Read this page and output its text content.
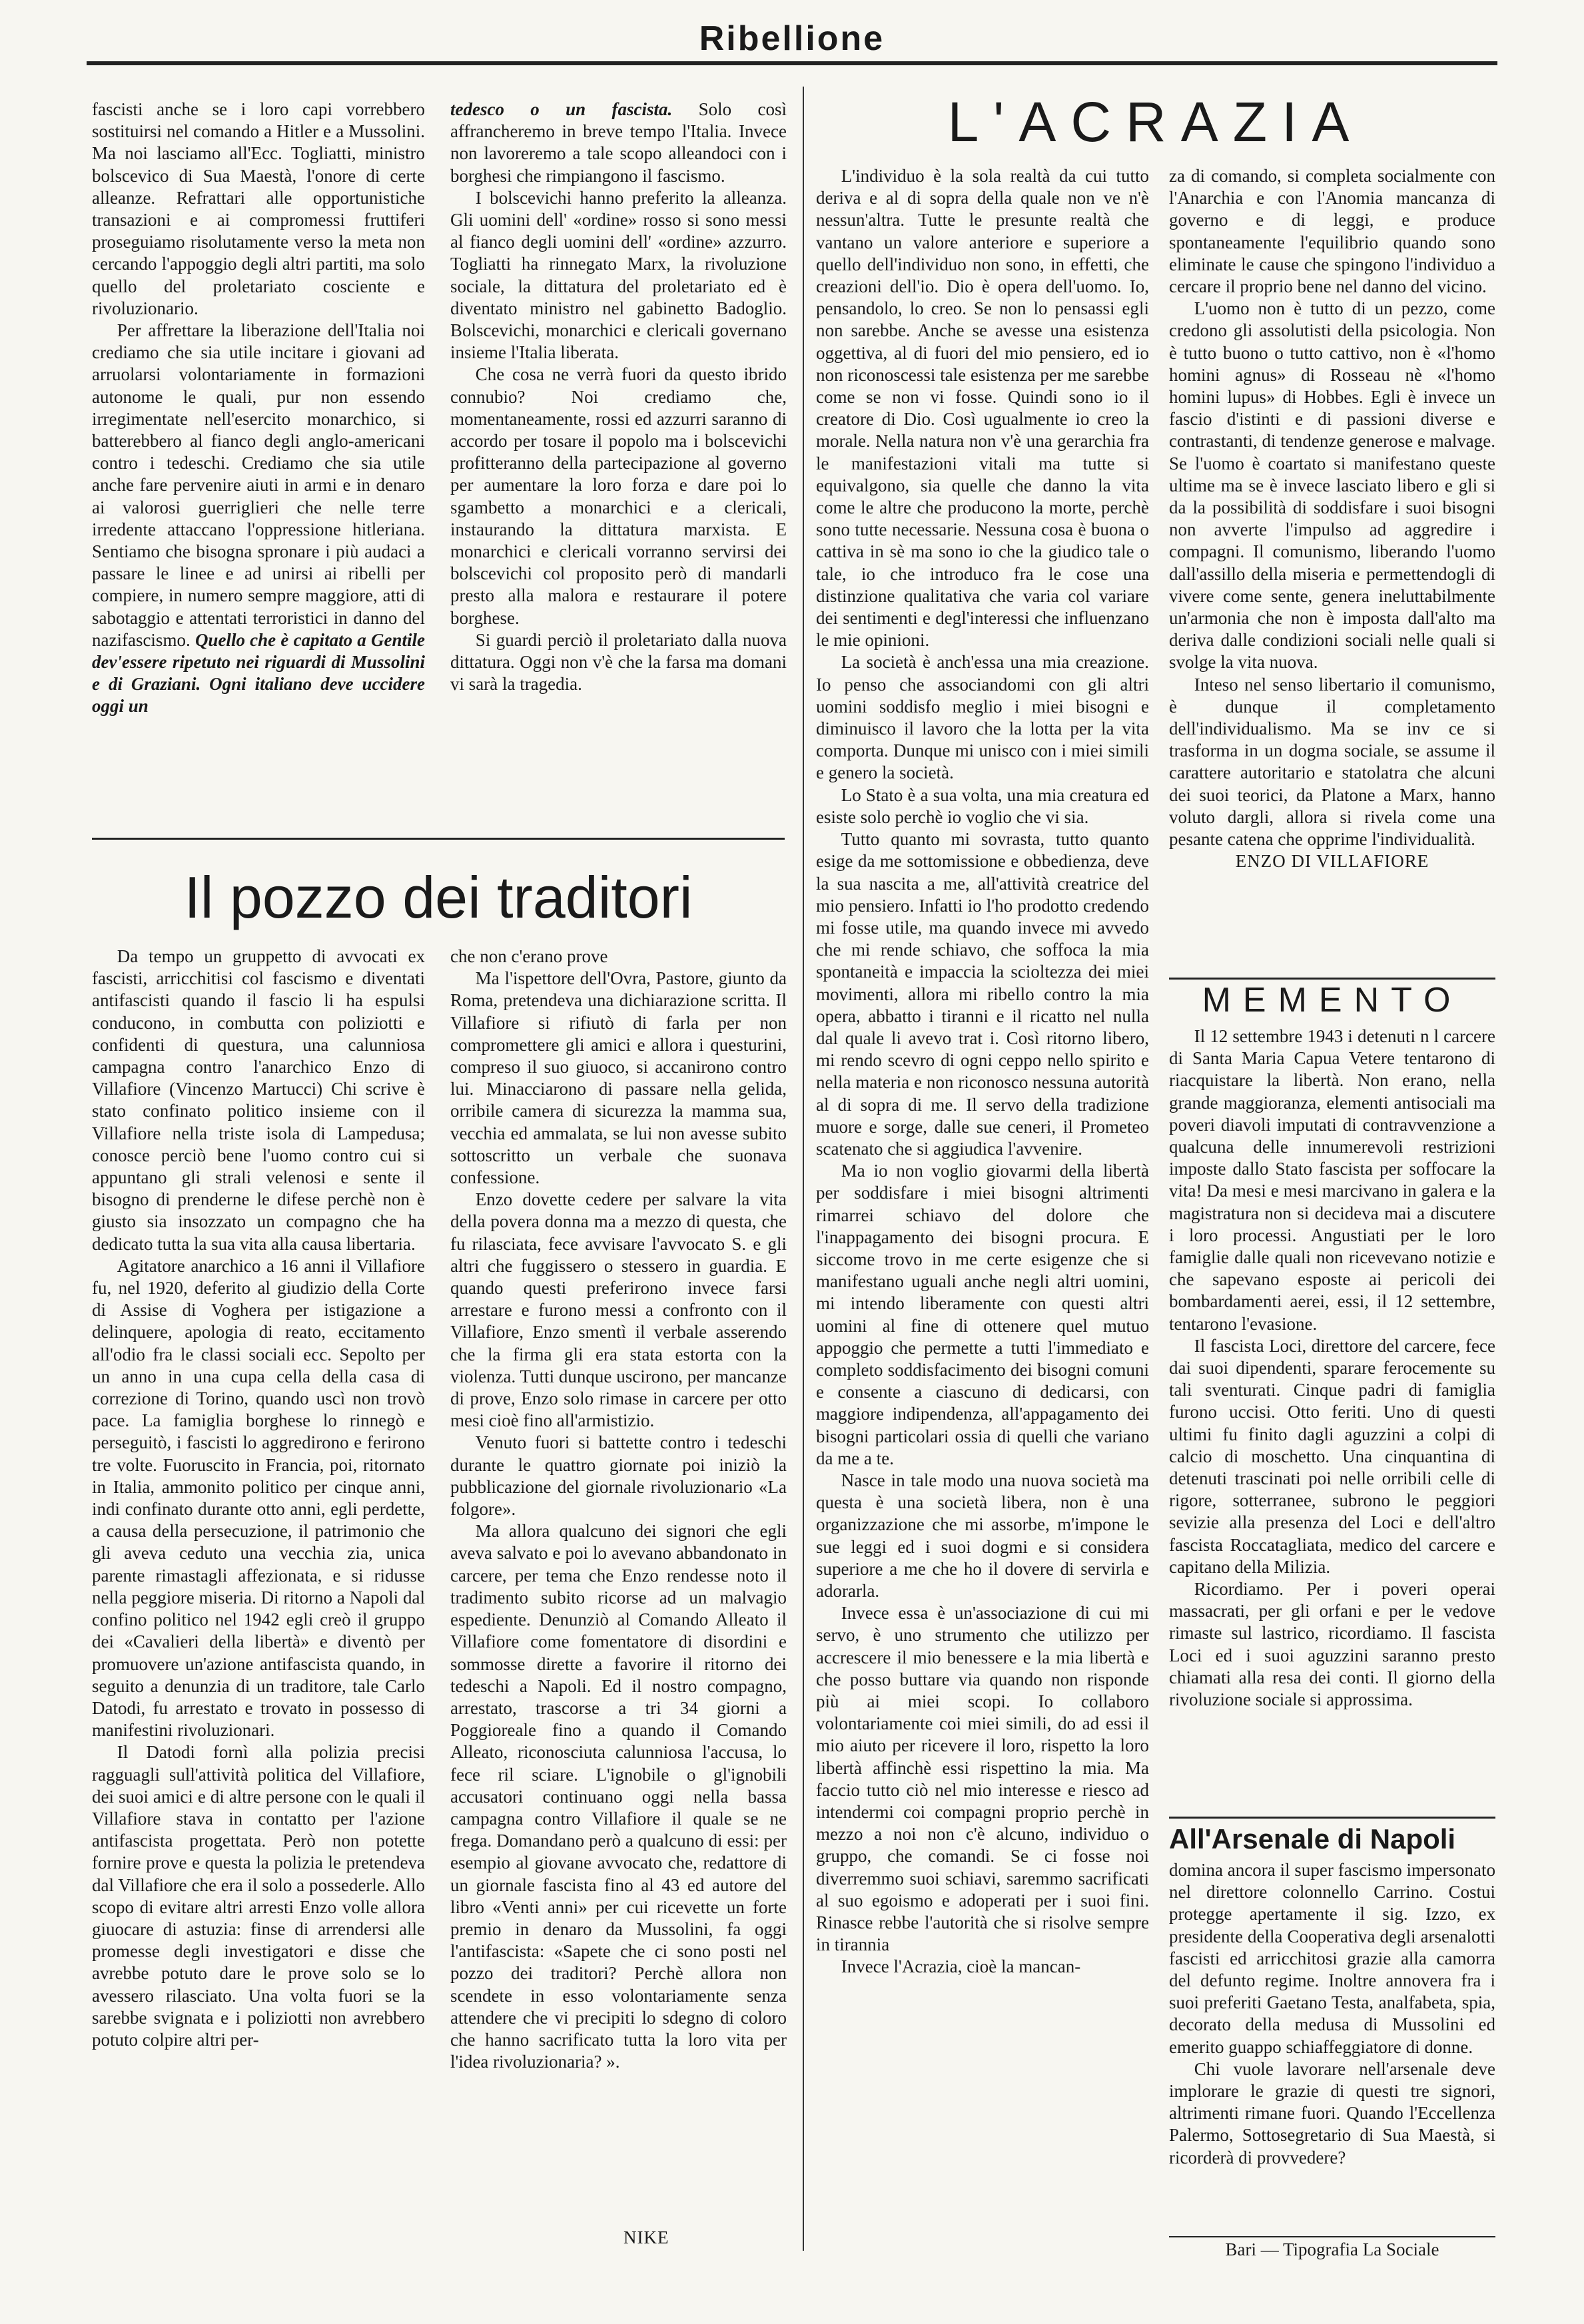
Ribellione

fascisti anche se i loro capi vorrebbero sostituirsi nel comando a Hitler e a Mussolini. Ma noi lasciamo all'Ecc. Togliatti, ministro bolscevico di Sua Maestà, l'onore di certe alleanze. Refrattari alle opportunistiche transazioni e ai compromessi fruttiferi proseguiamo risolutamente verso la meta non cercando l'appoggio degli altri partiti, ma solo quello del proletariato cosciente e rivoluzionario.

Per affrettare la liberazione dell'Italia noi crediamo che sia utile incitare i giovani ad arruolarsi volontariamente in formazioni autonome le quali, pur non essendo irregimentate nell'esercito monarchico, si batterebbero al fianco degli anglo-americani contro i tedeschi. Crediamo che sia utile anche fare pervenire aiuti in armi e in denaro ai valorosi guerriglieri che nelle terre irredente attaccano l'oppressione hitleriana. Sentiamo che bisogna spronare i più audaci a passare le linee e ad unirsi ai ribelli per compiere, in numero sempre maggiore, atti di sabotaggio e attentati terroristici in danno del nazifascismo. Quello che è capitato a Gentile dev'essere ripetuto nei riguardi di Mussolini e di Graziani. Ogni italiano deve uccidere oggi un

tedesco o un fascista. Solo così affrancheremo in breve tempo l'Italia. Invece non lavoreremo a tale scopo alleandoci con i borghesi che rimpiangono il fascismo.

I bolscevichi hanno preferito la alleanza. Gli uomini dell' «ordine» rosso si sono messi al fianco degli uomini dell' «ordine» azzurro. Togliatti ha rinnegato Marx, la rivoluzione sociale, la dittatura del proletariato ed è diventato ministro nel gabinetto Badoglio. Bolscevichi, monarchici e clericali governano insieme l'Italia liberata.

Che cosa ne verrà fuori da questo ibrido connubio? Noi crediamo che, momentaneamente, rossi ed azzurri saranno di accordo per tosare il popolo ma i bolscevichi profitteranno della partecipazione al governo per aumentare la loro forza e dare poi lo sgambetto a monarchici e a clericali, instaurando la dittatura marxista. E monarchici e clericali vorranno servirsi dei bolscevichi col proposito però di mandarli presto alla malora e restaurare il potere borghese.

Si guardi perciò il proletariato dalla nuova dittatura. Oggi non v'è che la farsa ma domani vi sarà la tragedia.

Il pozzo dei traditori

Da tempo un gruppetto di avvocati ex fascisti, arricchitisi col fascismo e diventati antifascisti quando il fascio li ha espulsi conducono, in combutta con poliziotti e confidenti di questura, una calunniosa campagna contro l'anarchico Enzo di Villafiore (Vincenzo Martucci) Chi scrive è stato confinato politico insieme con il Villafiore nella triste isola di Lampedusa; conosce perciò bene l'uomo contro cui si appuntano gli strali velenosi e sente il bisogno di prenderne le difese perchè non è giusto sia insozzato un compagno che ha dedicato tutta la sua vita alla causa libertaria.

Agitatore anarchico a 16 anni il Villafiore fu, nel 1920, deferito al giudizio della Corte di Assise di Voghera per istigazione a delinquere, apologia di reato, eccitamento all'odio fra le classi sociali ecc. Sepolto per un anno in una cupa cella della casa di correzione di Torino, quando uscì non trovò pace. La famiglia borghese lo rinnegò e perseguitò, i fascisti lo aggredirono e ferirono tre volte. Fuoruscito in Francia, poi, ritornato in Italia, ammonito politico per cinque anni, indi confinato durante otto anni, egli perdette, a causa della persecuzione, il patrimonio che gli aveva ceduto una vecchia zia, unica parente rimastagli affezionata, e si ridusse nella peggiore miseria. Di ritorno a Napoli dal confino politico nel 1942 egli creò il gruppo dei «Cavalieri della libertà» e diventò per promuovere un'azione antifascista quando, in seguito a denunzia di un traditore, tale Carlo Datodi, fu arrestato e trovato in possesso di manifestini rivoluzionari.

Il Datodi fornì alla polizia precisi ragguagli sull'attività politica del Villafiore, dei suoi amici e di altre persone con le quali il Villafiore stava in contatto per l'azione antifascista progettata. Però non potette fornire prove e questa la polizia le pretendeva dal Villafiore che era il solo a possederle. Allo scopo di evitare altri arresti Enzo volle allora giuocare di astuzia: finse di arrendersi alle promesse degli investigatori e disse che avrebbe potuto dare le prove solo se lo avessero rilasciato. Una volta fuori se la sarebbe svignata e i poliziotti non avrebbero potuto colpire altri per-

che non c'erano prove

Ma l'ispettore dell'Ovra, Pastore, giunto da Roma, pretendeva una dichiarazione scritta. Il Villafiore si rifiutò di farla per non compromettere gli amici e allora i questurini, compreso il suo giuoco, si accanirono contro lui. Minacciarono di passare nella gelida, orribile camera di sicurezza la mamma sua, vecchia ed ammalata, se lui non avesse subito sottoscritto un verbale che suonava confessione.

Enzo dovette cedere per salvare la vita della povera donna ma a mezzo di questa, che fu rilasciata, fece avvisare l'avvocato S. e gli altri che fuggissero o stessero in guardia. E quando questi preferirono invece farsi arrestare e furono messi a confronto con il Villafiore, Enzo smentì il verbale asserendo che la firma gli era stata estorta con la violenza. Tutti dunque uscirono, per mancanze di prove, Enzo solo rimase in carcere per otto mesi cioè fino all'armistizio.

Venuto fuori si battette contro i tedeschi durante le quattro giornate poi iniziò la pubblicazione del giornale rivoluzionario «La folgore».

Ma allora qualcuno dei signori che egli aveva salvato e poi lo avevano abbandonato in carcere, per tema che Enzo rendesse noto il tradimento subito ricorse ad un malvagio espediente. Denunziò al Comando Alleato il Villafiore come fomentatore di disordini e sommosse dirette a favorire il ritorno dei tedeschi a Napoli. Ed il nostro compagno, arrestato, trascorse a tri 34 giorni a Poggioreale fino a quando il Comando Alleato, riconosciuta calunniosa l'accusa, lo fece ril sciare. L'ignobile o gl'ignobili accusatori continuano oggi nella bassa campagna contro Villafiore il quale se ne frega. Domandano però a qualcuno di essi: per esempio al giovane avvocato che, redattore di un giornale fascista fino al 43 ed autore del libro «Venti anni» per cui ricevette un forte premio in denaro da Mussolini, fa oggi l'antifascista: «Sapete che ci sono posti nel pozzo dei traditori? Perchè allora non scendete in esso volontariamente senza attendere che vi precipiti lo sdegno di coloro che hanno sacrificato tutta la loro vita per l'idea rivoluzionaria? ».

NIKE

L'ACRAZIA

L'individuo è la sola realtà da cui tutto deriva e al di sopra della quale non ve n'è nessun'altra. Tutte le presunte realtà che vantano un valore anteriore e superiore a quello dell'individuo non sono, in effetti, che creazioni dell'io. Dio è opera dell'uomo. Io, pensandolo, lo creo. Se non lo pensassi egli non sarebbe. Anche se avesse una esistenza oggettiva, al di fuori del mio pensiero, ed io non riconoscessi tale esistenza per me sarebbe come se non vi fosse. Quindi sono io il creatore di Dio. Così ugualmente io creo la morale. Nella natura non v'è una gerarchia fra le manifestazioni vitali ma tutte si equivalgono, sia quelle che danno la vita come le altre che producono la morte, perchè sono tutte necessarie. Nessuna cosa è buona o cattiva in sè ma sono io che la giudico tale o tale, io che introduco fra le cose una distinzione qualitativa che varia col variare dei sentimenti e degl'interessi che influenzano le mie opinioni.

La società è anch'essa una mia creazione. Io penso che associandomi con gli altri uomini soddisfo meglio i miei bisogni e diminuisco il lavoro che la lotta per la vita comporta. Dunque mi unisco con i miei simili e genero la società.

Lo Stato è a sua volta, una mia creatura ed esiste solo perchè io voglio che vi sia.

Tutto quanto mi sovrasta, tutto quanto esige da me sottomissione e obbedienza, deve la sua nascita a me, all'attività creatrice del mio pensiero. Infatti io l'ho prodotto credendo mi fosse utile, ma quando invece mi avvedo che mi rende schiavo, che soffoca la mia spontaneità e impaccia la scioltezza dei miei movimenti, allora mi ribello contro la mia opera, abbatto i tiranni e il ricatto nel nulla dal quale li avevo trat i. Così ritorno libero, mi rendo scevro di ogni ceppo nello spirito e nella materia e non riconosco nessuna autorità al di sopra di me. Il servo della tradizione muore e sorge, dalle sue ceneri, il Prometeo scatenato che si aggiudica l'avvenire.

Ma io non voglio giovarmi della libertà per soddisfare i miei bisogni altrimenti rimarrei schiavo del dolore che l'inappagamento dei bisogni procura. E siccome trovo in me certe esigenze che si manifestano uguali anche negli altri uomini, mi intendo liberamente con questi altri uomini al fine di ottenere quel mutuo appoggio che permette a tutti l'immediato e completo soddisfacimento dei bisogni comuni e consente a ciascuno di dedicarsi, con maggiore indipendenza, all'appagamento dei bisogni particolari ossia di quelli che variano da me a te.

Nasce in tale modo una nuova società ma questa è una società libera, non è una organizzazione che mi assorbe, m'impone le sue leggi ed i suoi dogmi e si considera superiore a me che ho il dovere di servirla e adorarla.

Invece essa è un'associazione di cui mi servo, è uno strumento che utilizzo per accrescere il mio benessere e la mia libertà e che posso buttare via quando non risponde più ai miei scopi. Io collaboro volontariamente coi miei simili, do ad essi il mio aiuto per ricevere il loro, rispetto la loro libertà affinchè essi rispettino la mia. Ma faccio tutto ciò nel mio interesse e riesco ad intendermi coi compagni proprio perchè in mezzo a noi non c'è alcuno, individuo o gruppo, che comandi. Se ci fosse noi diverremmo suoi schiavi, saremmo sacrificati al suo egoismo e adoperati per i suoi fini. Rinasce rebbe l'autorità che si risolve sempre in tirannia

Invece l'Acrazia, cioè la mancan-

za di comando, si completa socialmente con l'Anarchia e con l'Anomia mancanza di governo e di leggi, e produce spontaneamente l'equilibrio quando sono eliminate le cause che spingono l'individuo a cercare il proprio bene nel danno del vicino.

L'uomo non è tutto di un pezzo, come credono gli assolutisti della psicologia. Non è tutto buono o tutto cattivo, non è «l'homo homini agnus» di Rosseau nè «l'homo homini lupus» di Hobbes. Egli è invece un fascio d'istinti e di passioni diverse e contrastanti, di tendenze generose e malvage. Se l'uomo è coartato si manifestano queste ultime ma se è invece lasciato libero e gli si da la possibilità di soddisfare i suoi bisogni non avverte l'impulso ad aggredire i compagni. Il comunismo, liberando l'uomo dall'assillo della miseria e permettendogli di vivere come sente, genera ineluttabilmente un'armonia che non è imposta dall'alto ma deriva dalle condizioni sociali nelle quali si svolge la vita nuova.

Inteso nel senso libertario il comunismo, è dunque il completamento dell'individualismo. Ma se inv ce si trasforma in un dogma sociale, se assume il carattere autoritario e statolatra che alcuni dei suoi teorici, da Platone a Marx, hanno voluto dargli, allora si rivela come una pesante catena che opprime l'individualità.

ENZO DI VILLAFIORE

MEMENTO

Il 12 settembre 1943 i detenuti n l carcere di Santa Maria Capua Vetere tentarono di riacquistare la libertà. Non erano, nella grande maggioranza, elementi antisociali ma poveri diavoli imputati di contravvenzione a qualcuna delle innumerevoli restrizioni imposte dallo Stato fascista per soffocare la vita! Da mesi e mesi marcivano in galera e la magistratura non si decideva mai a discutere i loro processi. Angustiati per le loro famiglie dalle quali non ricevevano notizie e che sapevano esposte ai pericoli dei bombardamenti aerei, essi, il 12 settembre, tentarono l'evasione.

Il fascista Loci, direttore del carcere, fece dai suoi dipendenti, sparare ferocemente su tali sventurati. Cinque padri di famiglia furono uccisi. Otto feriti. Uno di questi ultimi fu finito dagli aguzzini a colpi di calcio di moschetto. Una cinquantina di detenuti trascinati poi nelle orribili celle di rigore, sotterranee, subrono le peggiori sevizie alla presenza del Loci e dell'altro fascista Roccatagliata, medico del carcere e capitano della Milizia.

Ricordiamo. Per i poveri operai massacrati, per gli orfani e per le vedove rimaste sul lastrico, ricordiamo. Il fascista Loci ed i suoi aguzzini saranno presto chiamati alla resa dei conti. Il giorno della rivoluzione sociale si approssima.

All'Arsenale di Napoli

domina ancora il super fascismo impersonato nel direttore colonnello Carrino. Costui protegge apertamente il sig. Izzo, ex presidente della Cooperativa degli arsenalotti fascisti ed arricchitosi grazie alla camorra del defunto regime. Inoltre annovera fra i suoi preferiti Gaetano Testa, analfabeta, spia, decorato della medusa di Mussolini ed emerito guappo schiaffeggiatore di donne.

Chi vuole lavorare nell'arsenale deve implorare le grazie di questi tre signori, altrimenti rimane fuori. Quando l'Eccellenza Palermo, Sottosegretario di Sua Maestà, si ricorderà di provvedere?

Bari — Tipografia La Sociale
